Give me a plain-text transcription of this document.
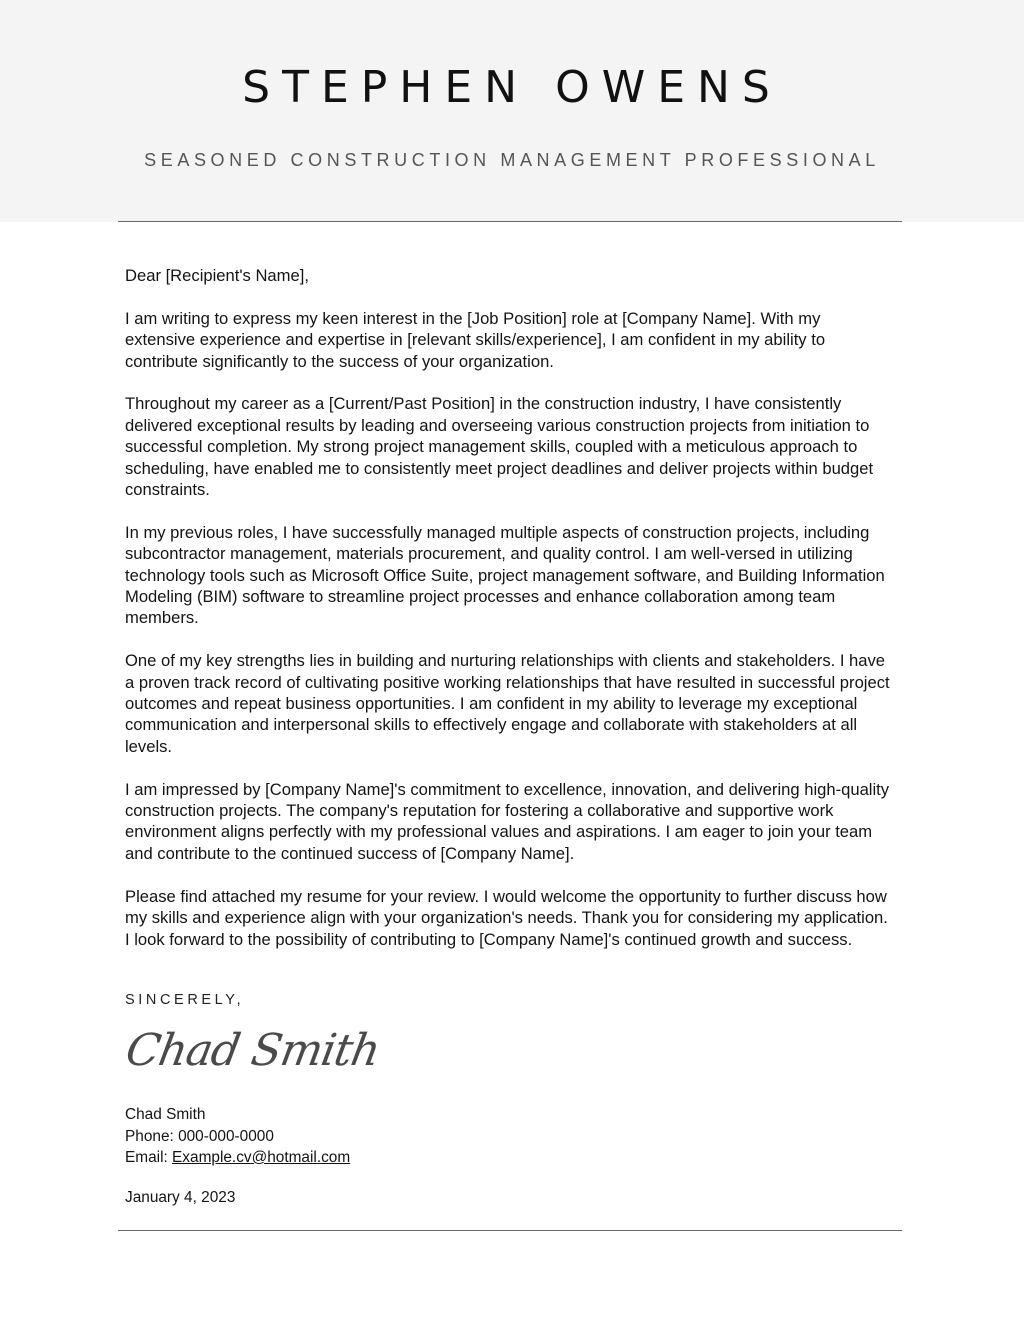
STEPHEN OWENS
SEASONED CONSTRUCTION MANAGEMENT PROFESSIONAL
Dear [Recipient's Name],

I am writing to express my keen interest in the [Job Position] role at [Company Name]. With my extensive experience and expertise in [relevant skills/experience], I am confident in my ability to contribute significantly to the success of your organization.

Throughout my career as a [Current/Past Position] in the construction industry, I have consistently delivered exceptional results by leading and overseeing various construction projects from initiation to successful completion. My strong project management skills, coupled with a meticulous approach to scheduling, have enabled me to consistently meet project deadlines and deliver projects within budget constraints.

In my previous roles, I have successfully managed multiple aspects of construction projects, including subcontractor management, materials procurement, and quality control. I am well-versed in utilizing technology tools such as Microsoft Office Suite, project management software, and Building Information Modeling (BIM) software to streamline project processes and enhance collaboration among team members.

One of my key strengths lies in building and nurturing relationships with clients and stakeholders. I have a proven track record of cultivating positive working relationships that have resulted in successful project outcomes and repeat business opportunities. I am confident in my ability to leverage my exceptional communication and interpersonal skills to effectively engage and collaborate with stakeholders at all levels.

I am impressed by [Company Name]'s commitment to excellence, innovation, and delivering high-quality construction projects. The company's reputation for fostering a collaborative and supportive work environment aligns perfectly with my professional values and aspirations. I am eager to join your team and contribute to the continued success of [Company Name].

Please find attached my resume for your review. I would welcome the opportunity to further discuss how my skills and experience align with your organization's needs. Thank you for considering my application. I look forward to the possibility of contributing to [Company Name]'s continued growth and success.

SINCERELY,
Chad Smith
Chad Smith
Phone: 000-000-0000
Email: Example.cv@hotmail.com
January 4, 2023
